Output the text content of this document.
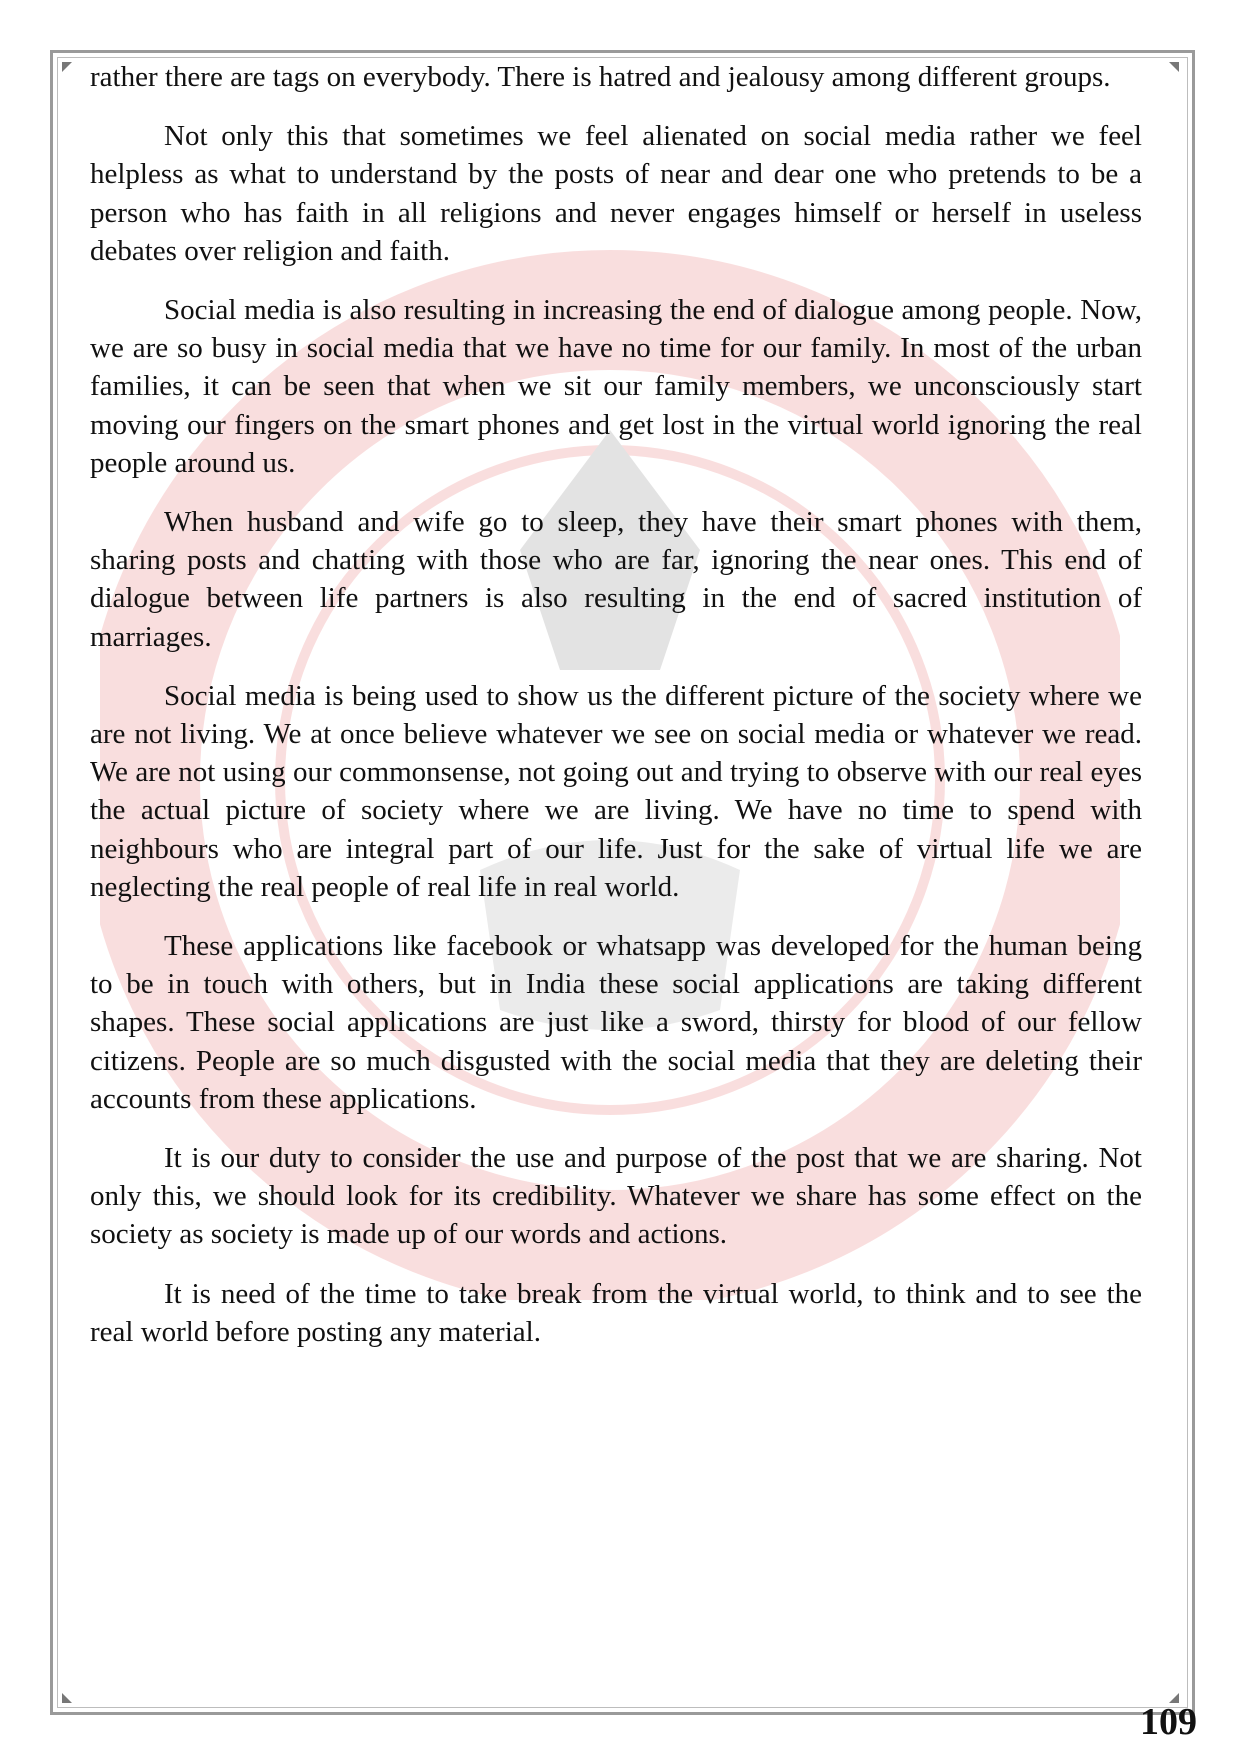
rather there are tags on everybody. There is hatred and jealousy among different groups.

Not only this that sometimes we feel alienated on social media rather we feel helpless as what to understand by the posts of near and dear one who pretends to be a person who has faith in all religions and never engages himself or herself in useless debates over religion and faith.

Social media is also resulting in increasing the end of dialogue among people. Now, we are so busy in social media that we have no time for our family. In most of the urban families, it can be seen that when we sit our family members, we unconsciously start moving our fingers on the smart phones and get lost in the virtual world ignoring the real people around us.

When husband and wife go to sleep, they have their smart phones with them, sharing posts and chatting with those who are far, ignoring the near ones. This end of dialogue between life partners is also resulting in the end of sacred institution of marriages.

Social media is being used to show us the different picture of the society where we are not living. We at once believe whatever we see on social media or whatever we read. We are not using our commonsense, not going out and trying to observe with our real eyes the actual picture of society where we are living. We have no time to spend with neighbours who are integral part of our life. Just for the sake of virtual life we are neglecting the real people of real life in real world.

These applications like facebook or whatsapp was developed for the human being to be in touch with others, but in India these social applications are taking different shapes. These social applications are just like a sword, thirsty for blood of our fellow citizens. People are so much disgusted with the social media that they are deleting their accounts from these applications.

It is our duty to consider the use and purpose of the post that we are sharing. Not only this, we should look for its credibility. Whatever we share has some effect on the society as society is made up of our words and actions.

It is need of the time to take break from the virtual world, to think and to see the real world before posting any material.

109
